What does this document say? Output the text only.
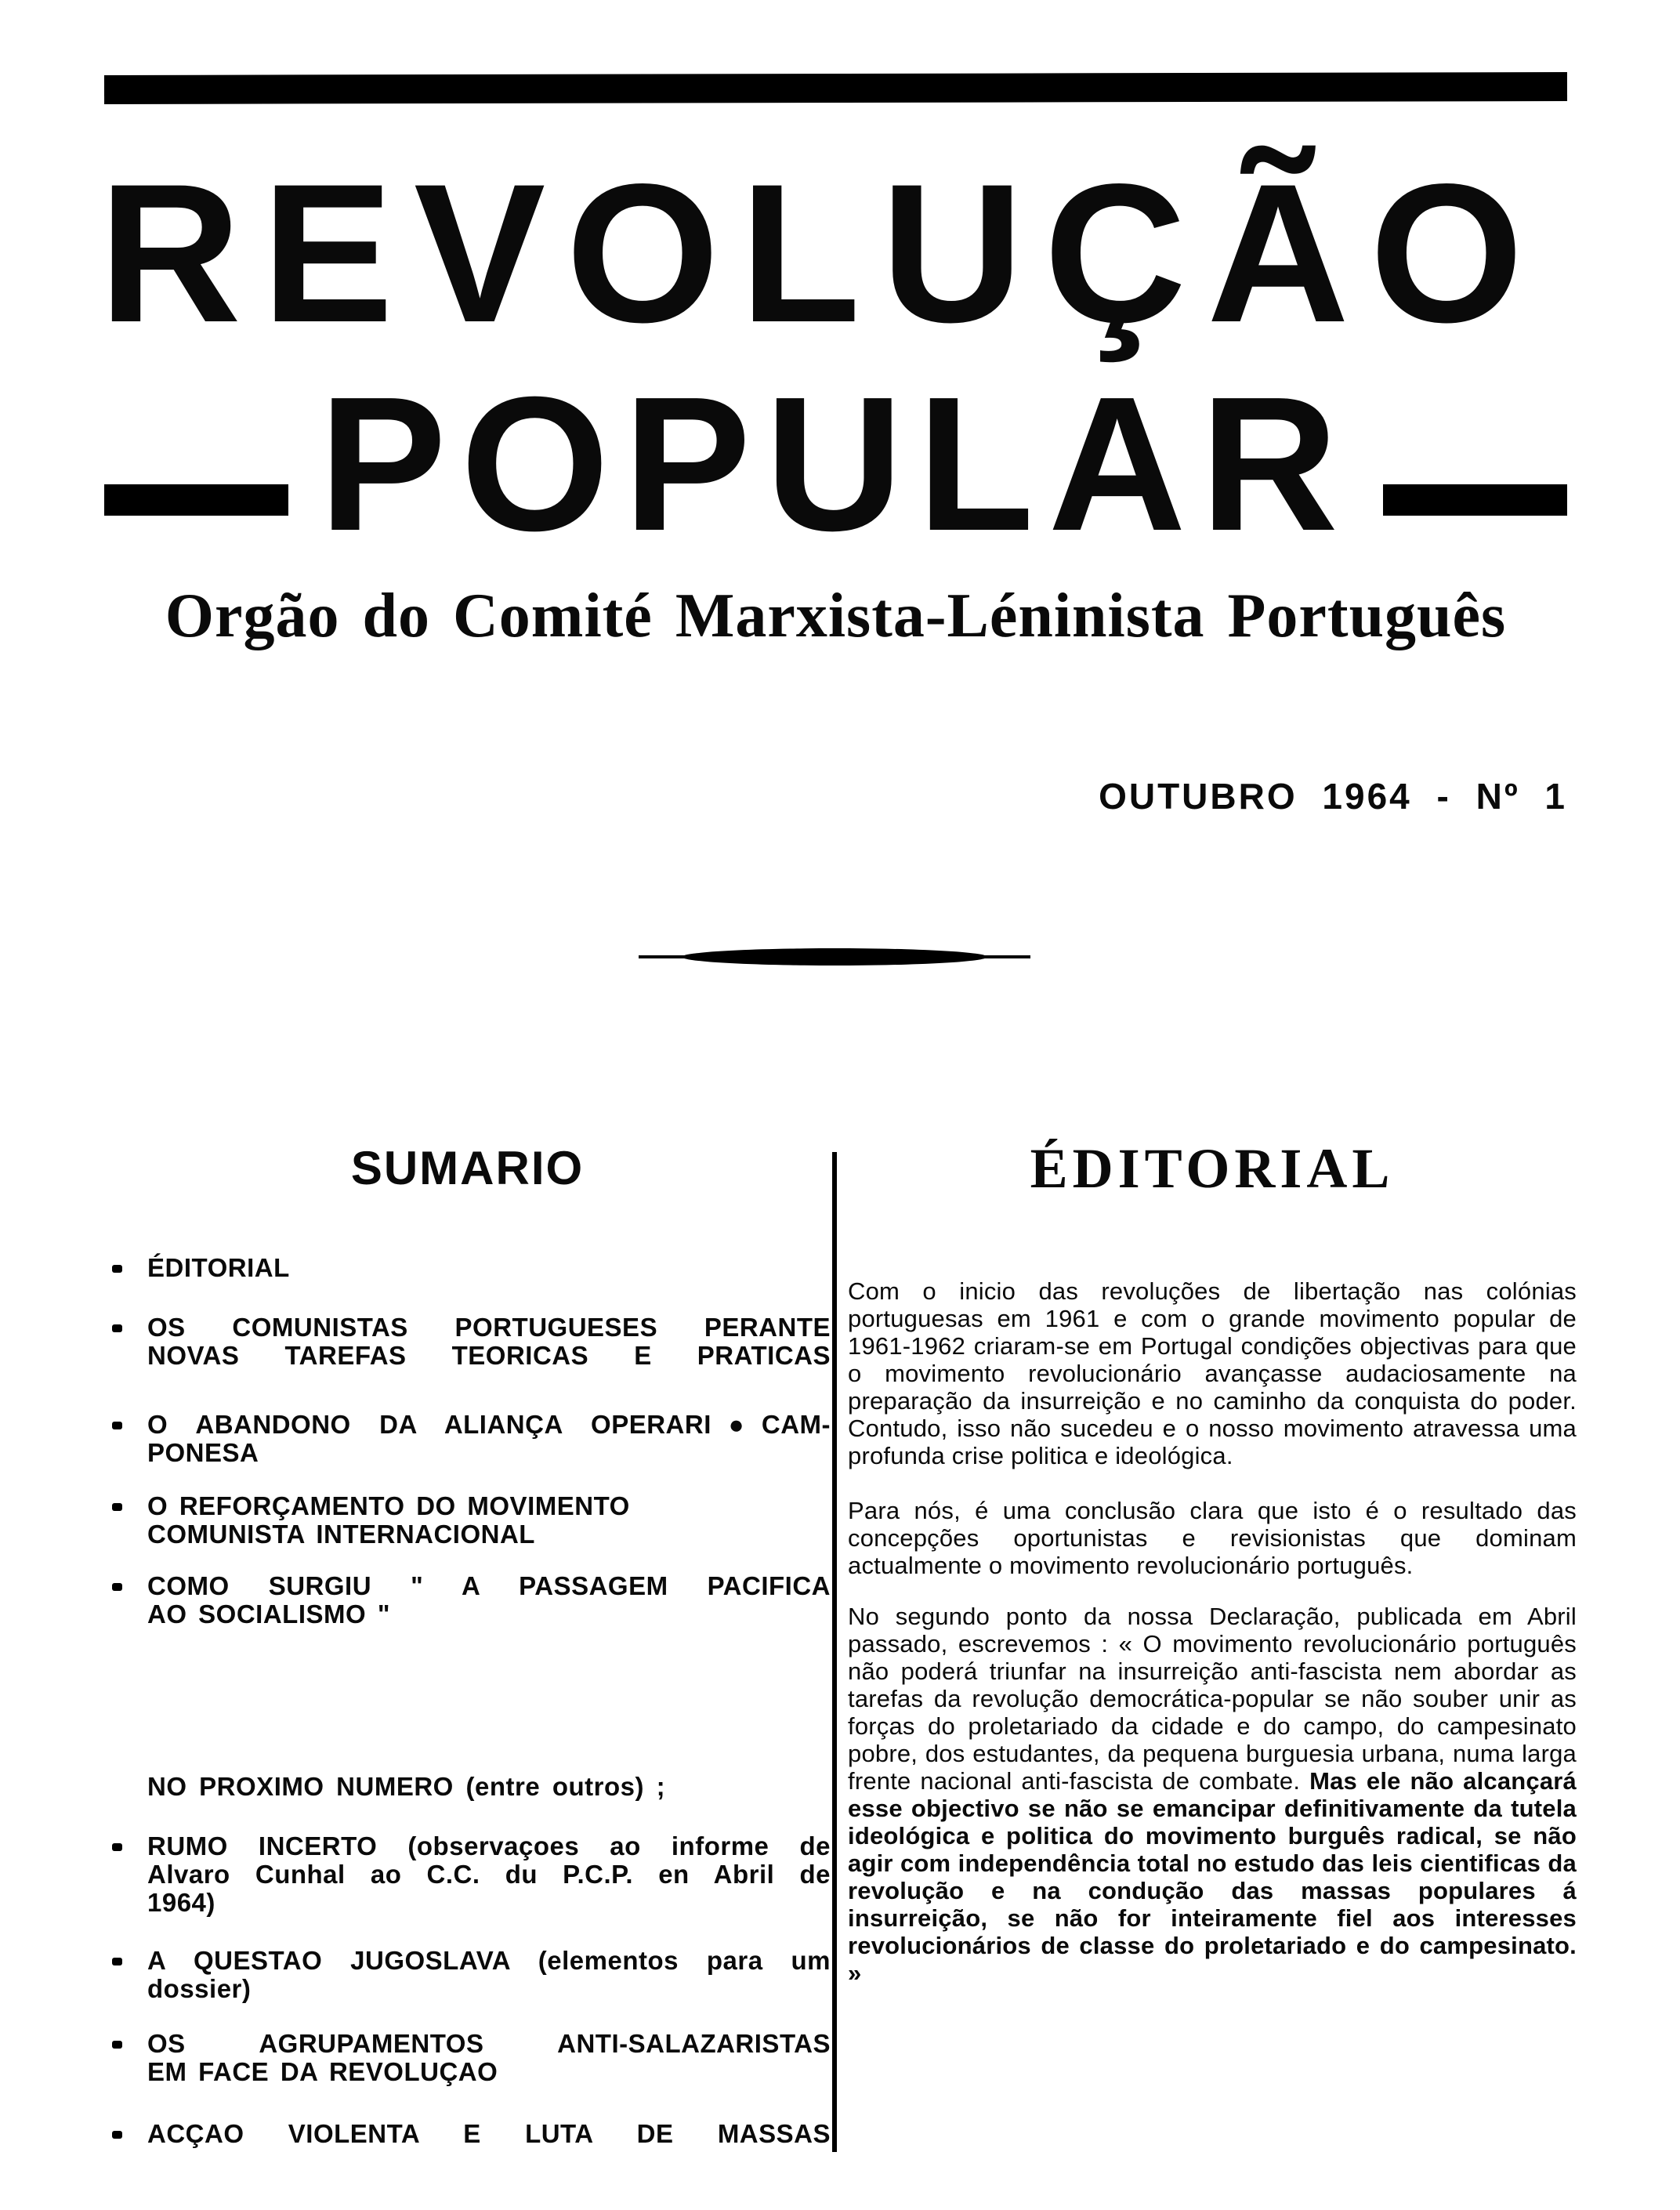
REVOLUÇÃO
POPULAR
Orgão do Comité Marxista-Léninista Português
OUTUBRO 1964 - Nº 1
SUMARIO
ÉDITORIAL
OS COMUNISTAS PORTUGUESES PERANTE
NOVAS TAREFAS TEORICAS E PRATICAS
O ABANDONO DA ALIANÇA OPERARI●CAM-
PONESA
O REFORÇAMENTO DO MOVIMENTO
COMUNISTA INTERNACIONAL
COMO SURGIU " A PASSAGEM PACIFICA
AO SOCIALISMO "
NO PROXIMO NUMERO (entre outros) ;
RUMO INCERTO (observaçoes ao informe de
Alvaro Cunhal ao C.C. du P.C.P. en Abril de
1964)
A QUESTAO JUGOSLAVA (elementos para um
dossier)
OS AGRUPAMENTOS ANTI-SALAZARISTAS
EM FACE DA REVOLUÇAO
ACÇAO VIOLENTA E LUTA DE MASSAS
ÉDITORIAL

Com o inicio das revoluções de libertação nas colónias portuguesas em 1961 e com o grande movimento popular de 1961-1962 criaram-se em Portugal condições objectivas para que o movimento revolucionário avançasse audaciosamente na preparação da insurreição e no caminho da conquista do poder. Contudo, isso não sucedeu e o nosso movimento atravessa uma profunda crise politica e ideológica.

Para nós, é uma conclusão clara que isto é o resultado das concepções oportunistas e revisionistas que dominam actualmente o movimento revolucionário português.

No segundo ponto da nossa Declaração, publicada em Abril passado, escrevemos : « O movimento revolucionário português não poderá triunfar na insurreição anti-fascista nem abordar as tarefas da revolução democrática-popular se não souber unir as forças do proletariado da cidade e do campo, do campesinato pobre, dos estudantes, da pequena burguesia urbana, numa larga frente nacional anti-fascista de combate. Mas ele não alcançará esse objectivo se não se emancipar definitivamente da tutela ideológica e politica do movimento burguês radical, se não agir com independência total no estudo das leis cientificas da revolução e na condução das massas populares á insurreição, se não for inteiramente fiel aos interesses revolucionários de classe do proletariado e do campesinato. »
